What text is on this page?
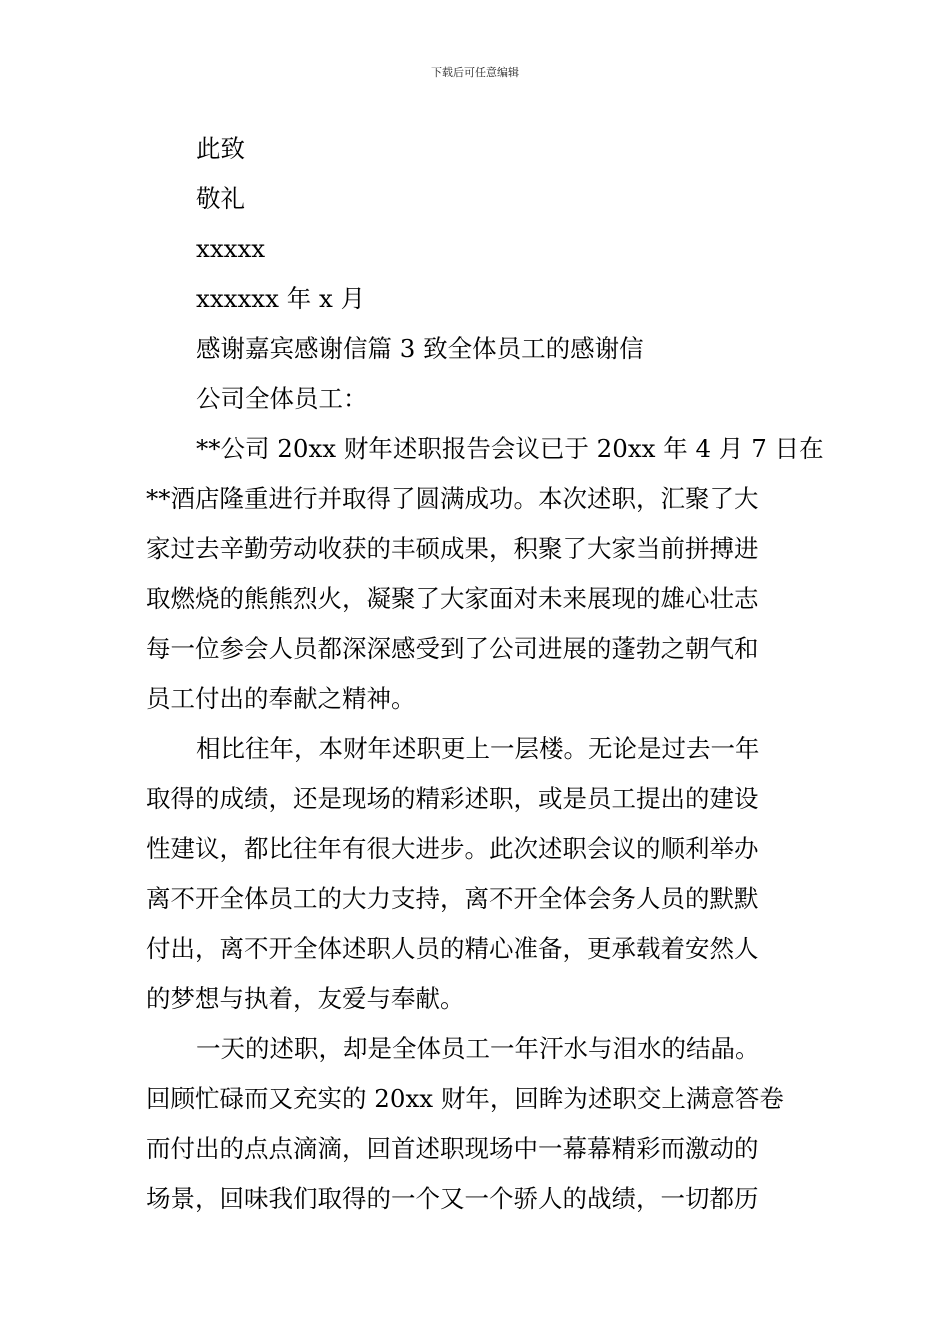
下载后可任意编辑
此致
敬礼
xxxxx
xxxxxx 年 x 月
感谢嘉宾感谢信篇 3 致全体员工的感谢信
公司全体员工：
**公司 20xx 财年述职报告会议已于 20xx 年 4 月 7 日在
**酒店隆重进行并取得了圆满成功。本次述职，汇聚了大
家过去辛勤劳动收获的丰硕成果，积聚了大家当前拼搏进
取燃烧的熊熊烈火，凝聚了大家面对未来展现的雄心壮志
每一位参会人员都深深感受到了公司进展的蓬勃之朝气和
员工付出的奉献之精神。
相比往年，本财年述职更上一层楼。无论是过去一年
取得的成绩，还是现场的精彩述职，或是员工提出的建设
性建议，都比往年有很大进步。此次述职会议的顺利举办
离不开全体员工的大力支持，离不开全体会务人员的默默
付出，离不开全体述职人员的精心准备，更承载着安然人
的梦想与执着，友爱与奉献。
一天的述职，却是全体员工一年汗水与泪水的结晶。
回顾忙碌而又充实的 20xx 财年，回眸为述职交上满意答卷
而付出的点点滴滴，回首述职现场中一幕幕精彩而激动的
场景，回味我们取得的一个又一个骄人的战绩，一切都历
